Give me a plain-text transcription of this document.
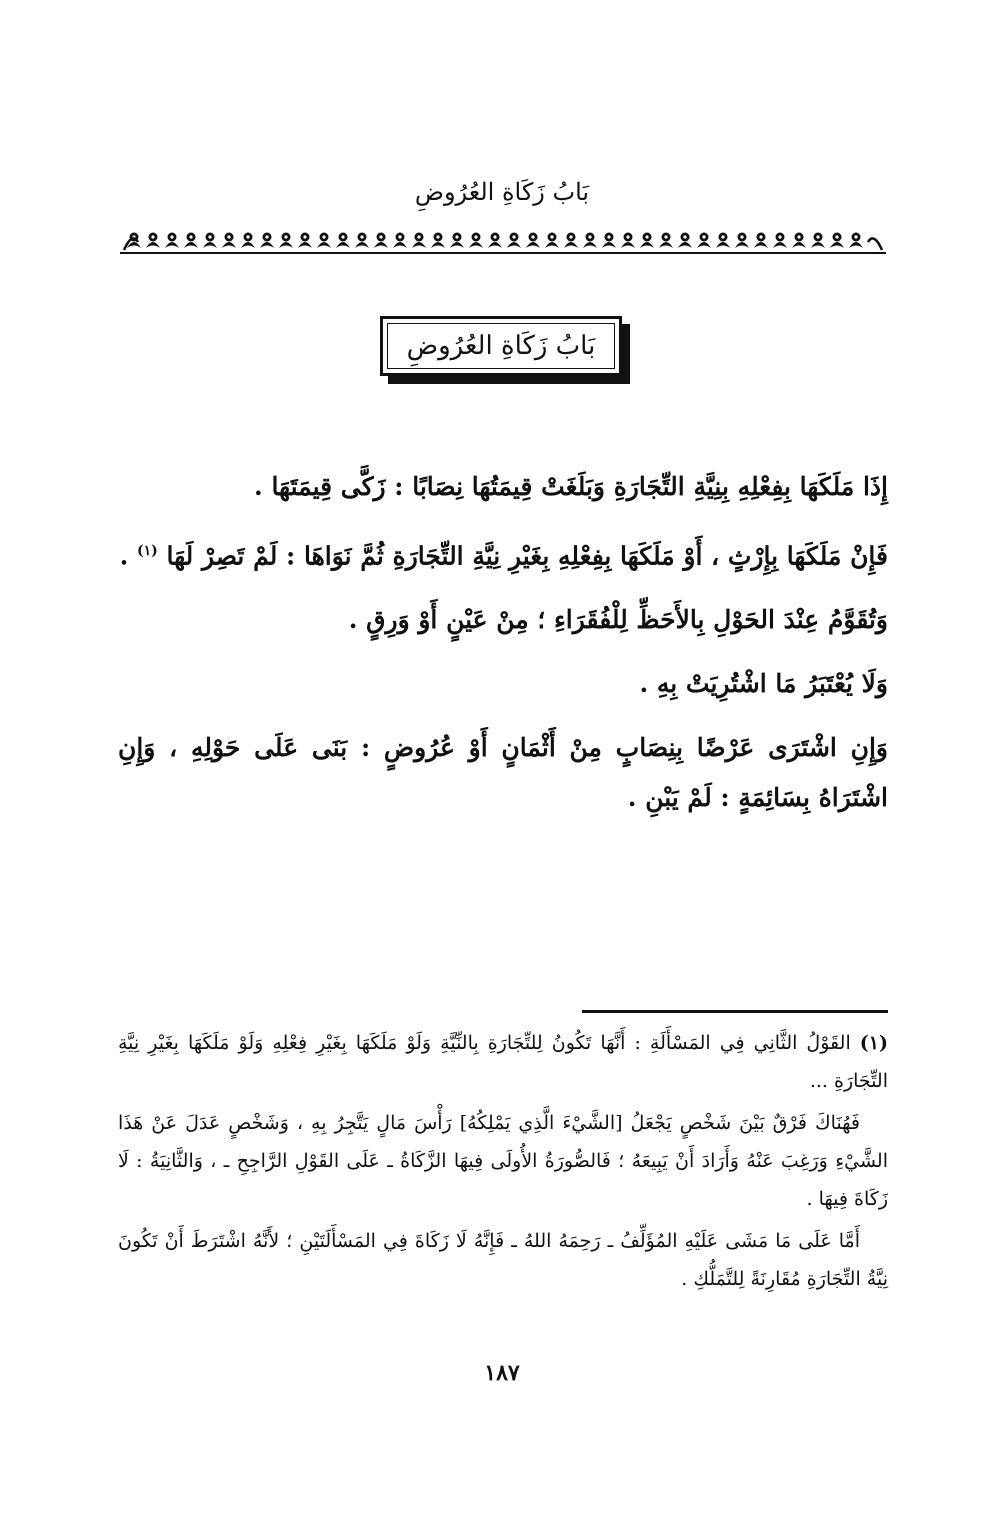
بَابُ زَكَاةِ العُرُوضِ
بَابُ زَكَاةِ العُرُوضِ

إِذَا مَلَكَهَا بِفِعْلِهِ بِنِيَّةِ التِّجَارَةِ وَبَلَغَتْ قِيمَتُهَا نِصَابًا : زَكَّى قِيمَتَهَا .

فَإِنْ مَلَكَهَا بِإِرْثٍ ، أَوْ مَلَكَهَا بِفِعْلِهِ بِغَيْرِ نِيَّةِ التِّجَارَةِ ثُمَّ نَوَاهَا : لَمْ تَصِرْ لَهَا $^{(١)}$ .

وَتُقَوَّمُ عِنْدَ الحَوْلِ بِالأَحَظِّ لِلْفُقَرَاءِ ؛ مِنْ عَيْنٍ أَوْ وَرِقٍ .

وَلَا يُعْتَبَرُ مَا اشْتُرِيَتْ بِهِ .

وَإِنِ اشْتَرَى عَرْضًا بِنِصَابٍ مِنْ أَثْمَانٍ أَوْ عُرُوضٍ : بَنَى عَلَى حَوْلِهِ ، وَإِنِ اشْتَرَاهُ بِسَائِمَةٍ : لَمْ يَبْنِ .

(١) القَوْلُ الثَّانِي فِي المَسْأَلَةِ : أَنَّهَا تَكُونُ لِلتِّجَارَةِ بِالنِّيَّةِ وَلَوْ مَلَكَهَا بِغَيْرِ فِعْلِهِ وَلَوْ مَلَكَهَا بِغَيْرِ نِيَّةِ التِّجَارَةِ ...

فَهُنَاكَ فَرْقٌ بَيْنَ شَخْصٍ يَجْعَلُ [الشَّيْءَ الَّذِي يَمْلِكُهُ] رَأْسَ مَالٍ يَتَّجِرُ بِهِ ، وَشَخْصٍ عَدَلَ عَنْ هَذَا الشَّيْءِ وَرَغِبَ عَنْهُ وَأَرَادَ أَنْ يَبِيعَهُ ؛ فَالصُّورَةُ الأُولَى فِيهَا الزَّكَاةُ ـ عَلَى القَوْلِ الرَّاجِحِ ـ ، وَالثَّانِيَةُ : لَا زَكَاةَ فِيهَا .

أَمَّا عَلَى مَا مَشَى عَلَيْهِ المُؤَلِّفُ ـ رَحِمَهُ اللهُ ـ فَإِنَّهُ لَا زَكَاةَ فِي المَسْأَلَتَيْنِ ؛ لأَنَّهُ اشْتَرَطَ أَنْ تَكُونَ نِيَّةُ التِّجَارَةِ مُقَارِنَةً لِلتَّمَلُّكِ .

١٨٧
